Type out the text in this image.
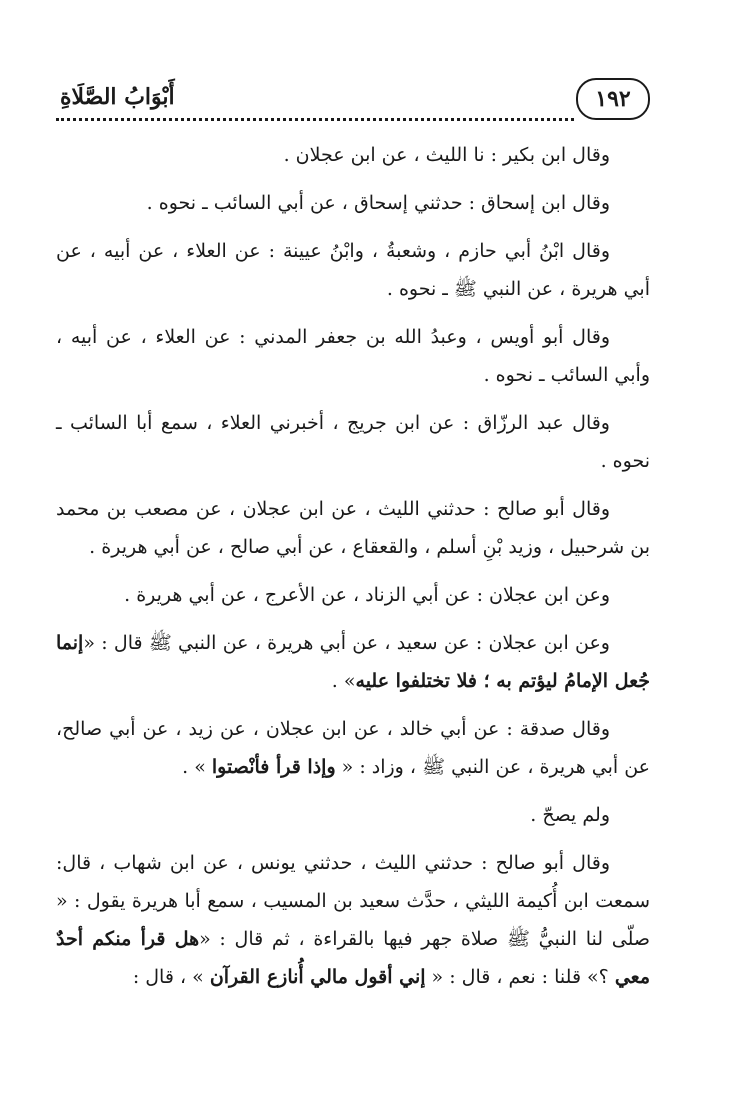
أَبْوَابُ الصَّلَاةِ	١٩٢

وقال ابن بكير : نا الليث ، عن ابن عجلان .

وقال ابن إسحاق : حدثني إسحاق ، عن أبي السائب ـ نحوه .

وقال ابْنُ أبي حازم ، وشعبةُ ، وابْنُ عيينة : عن العلاء ، عن أبيه ، عن أبي هريرة ، عن النبي ﷺ ـ نحوه .

وقال أبو أويس ، وعبدُ الله بن جعفر المدني : عن العلاء ، عن أبيه ، وأبي السائب ـ نحوه .

وقال عبد الرزّاق : عن ابن جريج ، أخبرني العلاء ، سمع أبا السائب ـ نحوه .

وقال أبو صالح : حدثني الليث ، عن ابن عجلان ، عن مصعب بن محمد بن شرحبيل ، وزيد بْنِ أسلم ، والقعقاع ، عن أبي صالح ، عن أبي هريرة .

وعن ابن عجلان : عن أبي الزناد ، عن الأعرج ، عن أبي هريرة .

وعن ابن عجلان : عن سعيد ، عن أبي هريرة ، عن النبي ﷺ قال : «إنما جُعل الإمامُ ليؤتم به ؛ فلا تختلفوا عليه» .

وقال صدقة : عن أبي خالد ، عن ابن عجلان ، عن زيد ، عن أبي صالح، عن أبي هريرة ، عن النبي ﷺ ، وزاد : « وإذا قرأ فأنْصتوا » .

ولم يصحّ .

وقال أبو صالح : حدثني الليث ، حدثني يونس ، عن ابن شهاب ، قال: سمعت ابن أُكيمة الليثي ، حدَّث سعيد بن المسيب ، سمع أبا هريرة يقول : « صلّى لنا النبيُّ ﷺ صلاة جهر فيها بالقراءة ، ثم قال : «هل قرأ منكم أحدٌ معي ؟» قلنا : نعم ، قال : « إني أقول مالي أُنازع القرآن » ، قال :
